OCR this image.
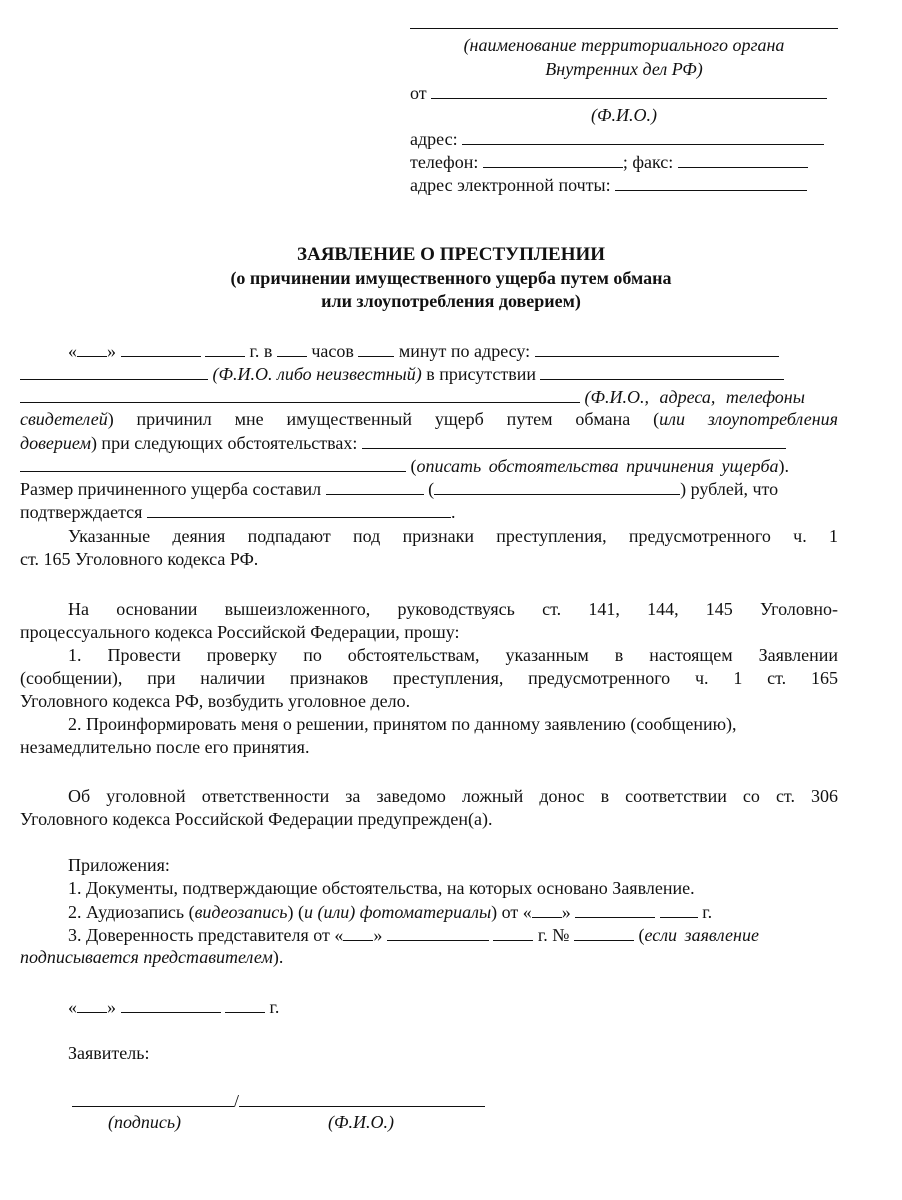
(наименование территориального органа
Внутренних дел РФ)
от
(Ф.И.О.)
адрес:
телефон:	; факс:
адрес электронной почты:
ЗАЯВЛЕНИЕ О ПРЕСТУПЛЕНИИ
(о причинении имущественного ущерба путем обмана
или злоупотребления доверием)
« »	г. в часов	минут по адресу:
(Ф.И.О. либо неизвестный) в присутствии
(Ф.И.О., адреса, телефоны
свидетелей) причинил мне имущественный ущерб путем обмана (или злоупотребления
доверием) при следующих обстоятельствах:
(описать обстоятельства причинения ущерба).
Размер причиненного ущерба составил	(	) рублей, что
подтверждается	.
Указанные деяния подпадают под признаки преступления, предусмотренного ч. 1
ст. 165 Уголовного кодекса РФ.
На основании вышеизложенного, руководствуясь ст. 141, 144, 145 Уголовно-
процессуального кодекса Российской Федерации, прошу:
1. Провести проверку по обстоятельствам, указанным в настоящем Заявлении
(сообщении), при наличии признаков преступления, предусмотренного ч. 1 ст. 165
Уголовного кодекса РФ, возбудить уголовное дело.
2. Проинформировать меня о решении, принятом по данному заявлению (сообщению),
незамедлительно после его принятия.
Об уголовной ответственности за заведомо ложный донос в соответствии со ст. 306
Уголовного кодекса Российской Федерации предупрежден(а).
Приложения:
1. Документы, подтверждающие обстоятельства, на которых основано Заявление.
2. Аудиозапись (видеозапись) (и (или) фотоматериалы) от « »	г.
3. Доверенность представителя от « »	г. №	(если заявление
подписывается представителем).
« »	г.
Заявитель:
/
(подпись)	(Ф.И.О.)
